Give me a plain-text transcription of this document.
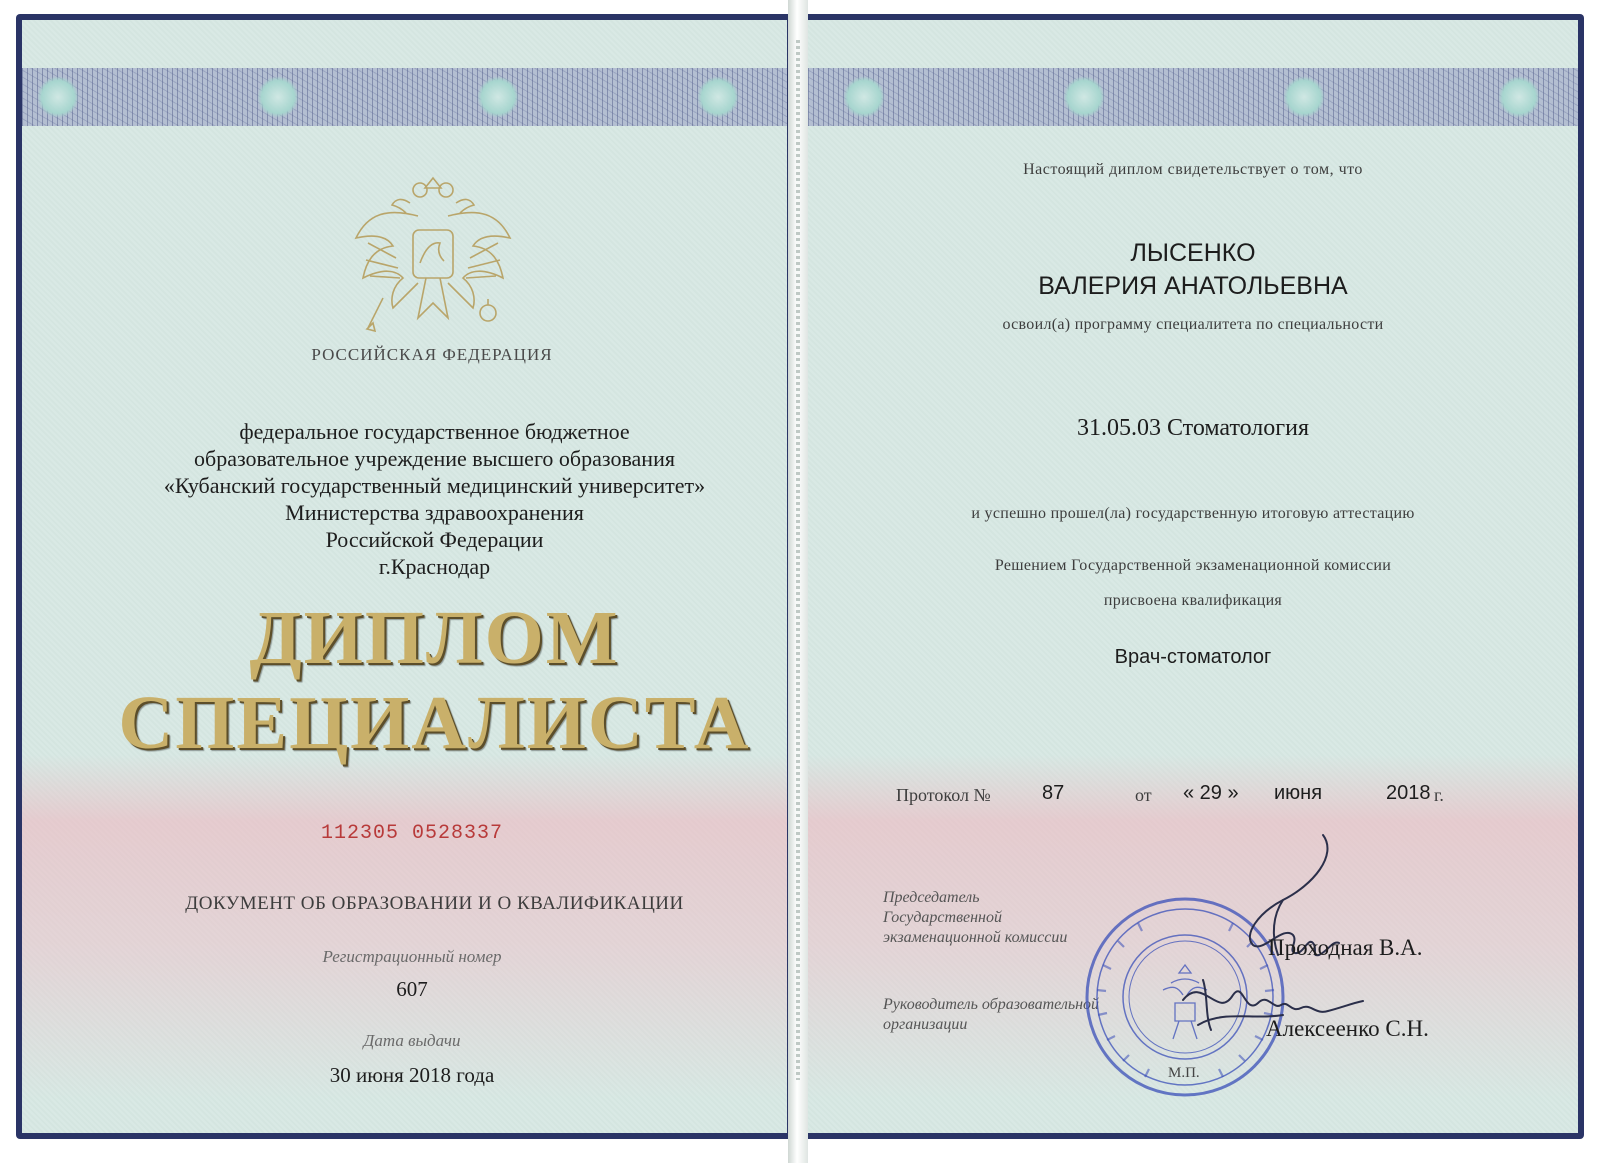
РОССИЙСКАЯ ФЕДЕРАЦИЯ
федеральное государственное бюджетное
образовательное учреждение высшего образования
«Кубанский государственный медицинский университет»
Министерства здравоохранения
Российской Федерации
г.Краснодар
ДИПЛОМ
СПЕЦИАЛИСТА
112305 0528337
ДОКУМЕНТ ОБ ОБРАЗОВАНИИ И О КВАЛИФИКАЦИИ
Регистрационный номер
607
Дата выдачи
30 июня 2018 года
Настоящий диплом свидетельствует о том, что
ЛЫСЕНКО
ВАЛЕРИЯ АНАТОЛЬЕВНА
освоил(а) программу специалитета по специальности
31.05.03 Стоматология
и успешно прошел(ла) государственную итоговую аттестацию
Решением Государственной экзаменационной комиссии
присвоена квалификация
Врач-стоматолог
Протокол №	87	от « 29 » июня	2018 г.
Председатель
Государственной
экзаменационной комиссии
Руководитель образовательной
организации
Проходная В.А.
Алексеенко С.Н.
М.П.
